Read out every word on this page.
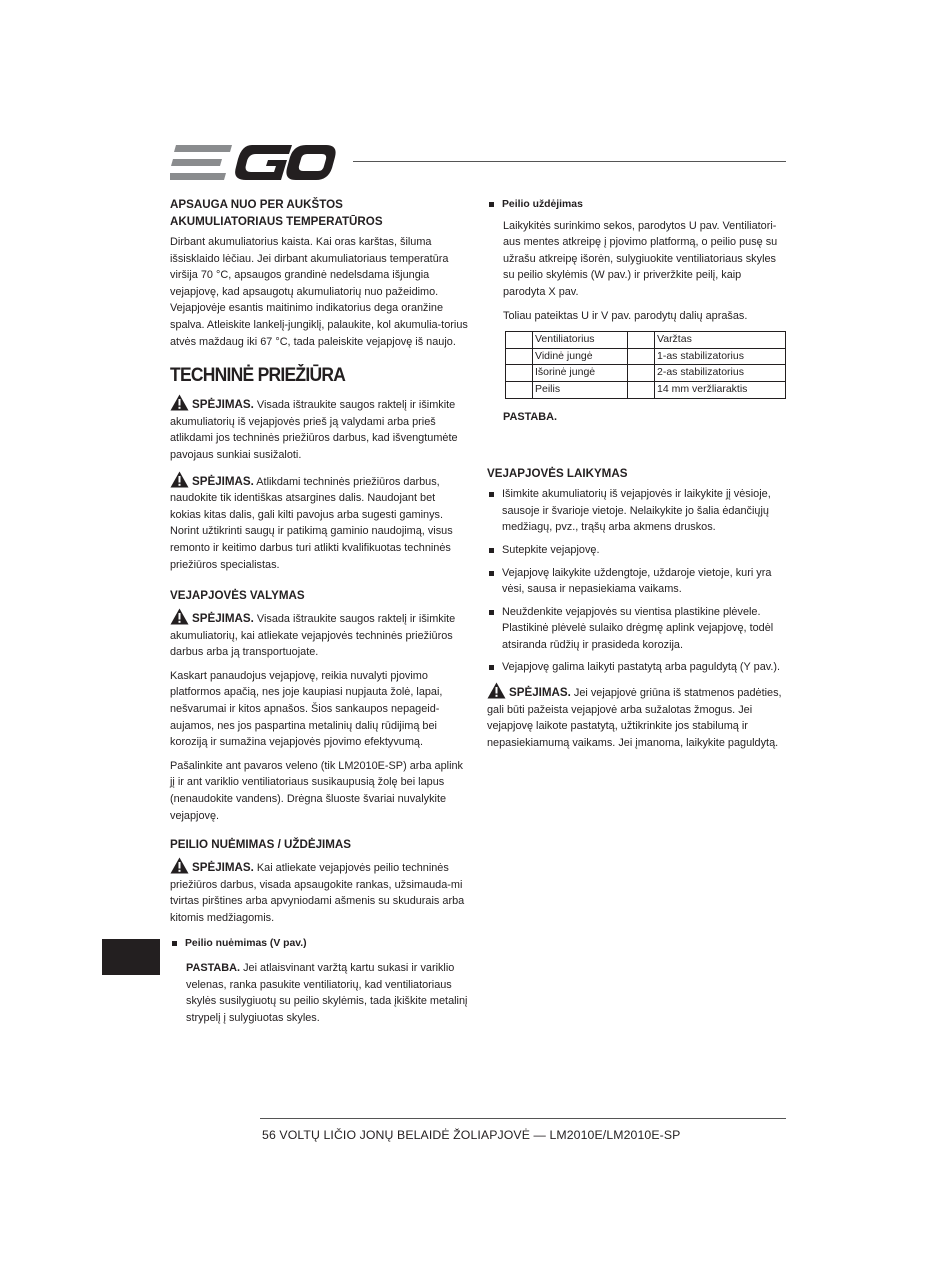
APSAUGA NUO PER AUKŠTOS
AKUMULIATORIAUS TEMPERATŪROS

Dirbant akumuliatorius kaista. Kai oras karštas, šiluma išsisklaido lėčiau. Jei dirbant akumuliatoriaus temperatūra viršija 70 °C, apsaugos grandinė nedelsdama išjungia vejapjovę, kad apsaugotų akumuliatorių nuo pažeidimo. Vejapjovėje esantis maitinimo indikatorius dega oranžine spalva. Atleiskite lankelį-jungiklį, palaukite, kol akumulia-torius atvės maždaug iki 67 °C, tada paleiskite vejapjovę iš naujo.

TECHNINĖ PRIEŽIŪRA

SPĖJIMAS. Visada ištraukite saugos raktelį ir išimkite akumuliatorių iš vejapjovės prieš ją valydami arba prieš atlikdami jos techninės priežiūros darbus, kad išvengtumėte pavojaus sunkiai susižaloti.

SPĖJIMAS. Atlikdami techninės priežiūros darbus, naudokite tik identiškas atsargines dalis. Naudojant bet kokias kitas dalis, gali kilti pavojus arba sugesti gaminys. Norint užtikrinti saugų ir patikimą gaminio naudojimą, visus remonto ir keitimo darbus turi atlikti kvalifikuotas techninės priežiūros specialistas.

VEJAPJOVĖS VALYMAS

SPĖJIMAS. Visada ištraukite saugos raktelį ir išimkite akumuliatorių, kai atliekate vejapjovės techninės priežiūros darbus arba ją transportuojate.

Kaskart panaudojus vejapjovę, reikia nuvalyti pjovimo platformos apačią, nes joje kaupiasi nupjauta žolė, lapai, nešvarumai ir kitos apnašos. Šios sankaupos nepageid-aujamos, nes jos paspartina metalinių dalių rūdijimą bei koroziją ir sumažina vejapjovės pjovimo efektyvumą.

Pašalinkite ant pavaros veleno (tik LM2010E-SP) arba aplink jį ir ant variklio ventiliatoriaus susikaupusią žolę bei lapus (nenaudokite vandens). Drėgna šluoste švariai nuvalykite vejapjovę.

PEILIO NUĖMIMAS / UŽDĖJIMAS

SPĖJIMAS. Kai atliekate vejapjovės peilio techninės priežiūros darbus, visada apsaugokite rankas, užsimauda-mi tvirtas pirštines arba apvyniodami ašmenis su skudurais arba kitomis medžiagomis.

Peilio nuėmimas (V pav.)

PASTABA. Jei atlaisvinant varžtą kartu sukasi ir variklio velenas, ranka pasukite ventiliatorių, kad ventiliatoriaus skylės susilygiuotų su peilio skylėmis, tada įkiškite metalinį strypelį į sulygiuotas skyles.

Peilio uždėjimas

Laikykitės surinkimo sekos, parodytos U pav. Ventiliatori-aus mentes atkreipę į pjovimo platformą, o peilio pusę su užrašu atkreipę išorėn, sulygiuokite ventiliatoriaus skyles su peilio skylėmis (W pav.) ir priveržkite peilį, kaip parodyta X pav.

Toliau pateiktas U ir V pav. parodytų dalių aprašas.

	Ventiliatorius		Varžtas
	Vidinė jungė		1-as stabilizatorius
	Išorinė jungė		2-as stabilizatorius
	Peilis		14 mm veržliaraktis

PASTABA.

VEJAPJOVĖS LAIKYMAS
Išimkite akumuliatorių iš vejapjovės ir laikykite jį vėsioje, sausoje ir švarioje vietoje. Nelaikykite jo šalia ėdančiųjų medžiagų, pvz., trąšų arba akmens druskos.
Sutepkite vejapjovę.
Vejapjovę laikykite uždengtoje, uždaroje vietoje, kuri yra vėsi, sausa ir nepasiekiama vaikams.
Neuždenkite vejapjovės su vientisa plastikine plėvele. Plastikinė plėvelė sulaiko drėgmę aplink vejapjovę, todėl atsiranda rūdžių ir prasideda korozija.
Vejapjovę galima laikyti pastatytą arba paguldytą (Y pav.).

SPĖJIMAS. Jei vejapjovė griūna iš statmenos padėties, gali būti pažeista vejapjovė arba sužalotas žmogus. Jei vejapjovę laikote pastatytą, užtikrinkite jos stabilumą ir nepasiekiamumą vaikams. Jei įmanoma, laikykite paguldytą.

56 VOLTŲ LIČIO JONŲ BELAIDĖ ŽOLIAPJOVĖ — LM2010E/LM2010E-SP
